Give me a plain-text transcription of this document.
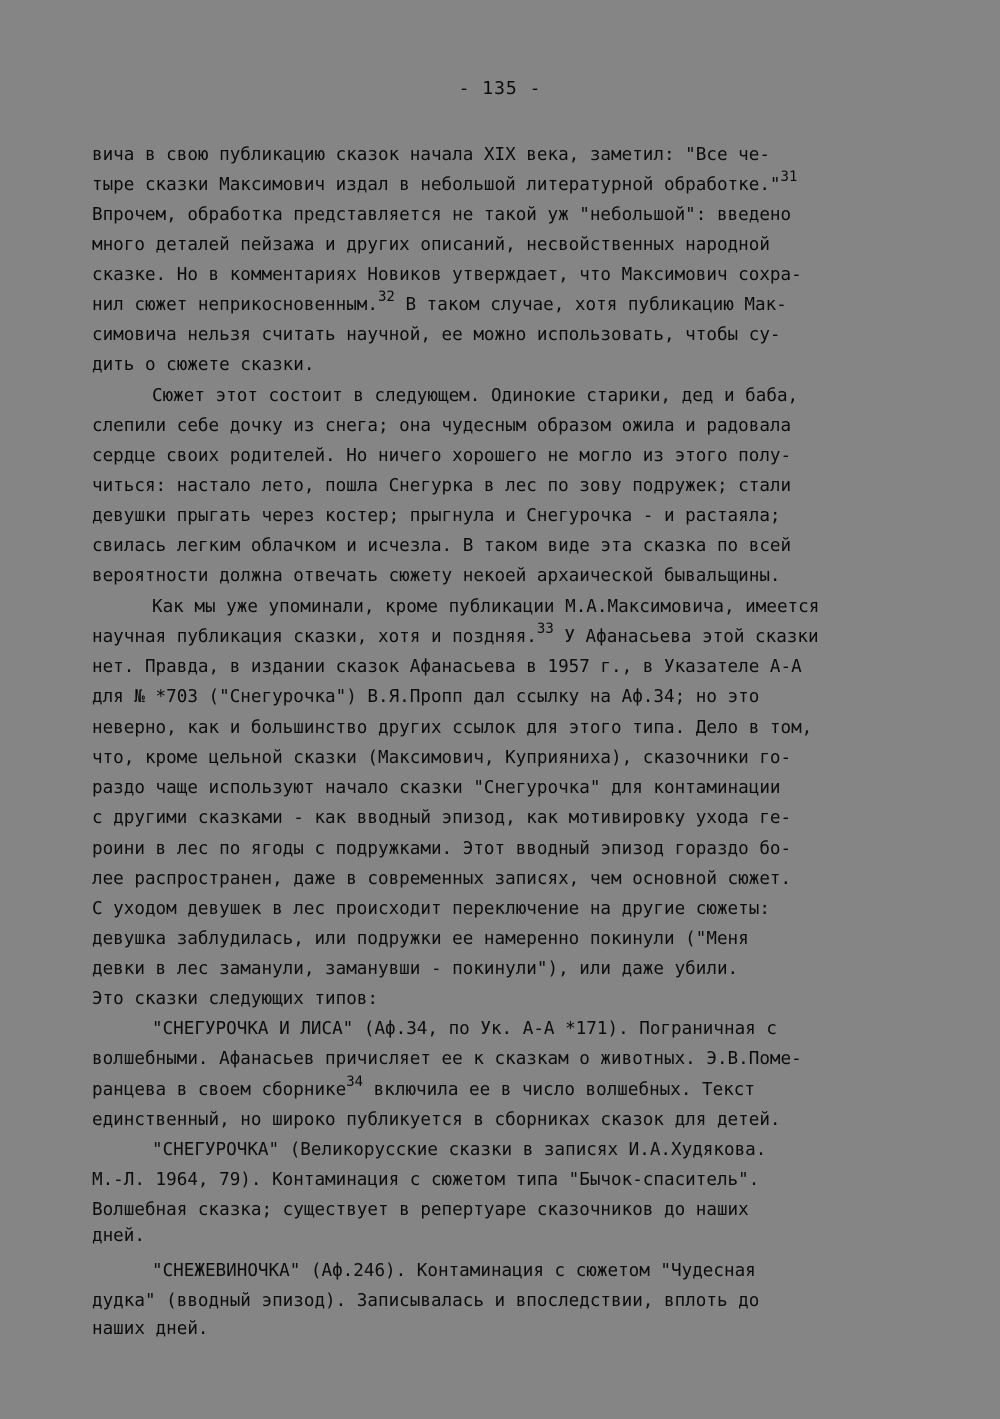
- 135 -
вича в свою публикацию сказок начала XIX века, заметил: "Все че-
тыре сказки Максимович издал в небольшой литературной обработке."$^{31}$
Впрочем, обработка представляется не такой уж "небольшой": введено
много деталей пейзажа и других описаний, несвойственных народной
сказке. Но в комментариях Новиков утверждает, что Максимович сохра-
нил сюжет неприкосновенным.$^{32}$ В таком случае, хотя публикацию Мак-
симовича нельзя считать научной, ее можно использовать, чтобы су-
дить о сюжете сказки.
Сюжет этот состоит в следующем. Одинокие старики, дед и баба,
слепили себе дочку из снега; она чудесным образом ожила и радовала
сердце своих родителей. Но ничего хорошего не могло из этого полу-
читься: настало лето, пошла Снегурка в лес по зову подружек; стали
девушки прыгать через костер; прыгнула и Снегурочка - и растаяла;
свилась легким облачком и исчезла. В таком виде эта сказка по всей
вероятности должна отвечать сюжету некоей архаической бывальщины.
Как мы уже упоминали, кроме публикации М.А.Максимовича, имеется
научная публикация сказки, хотя и поздняя.$^{33}$ У Афанасьева этой сказки
нет. Правда, в издании сказок Афанасьева в 1957 г., в Указателе А-А
для № *703 ("Снегурочка") В.Я.Пропп дал ссылку на Аф.34; но это
неверно, как и большинство других ссылок для этого типа. Дело в том,
что, кроме цельной сказки (Максимович, Куприяниха), сказочники го-
раздо чаще используют начало сказки "Снегурочка" для контаминации
с другими сказками - как вводный эпизод, как мотивировку ухода ге-
роини в лес по ягоды с подружками. Этот вводный эпизод гораздо бо-
лее распространен, даже в современных записях, чем основной сюжет.
С уходом девушек в лес происходит переключение на другие сюжеты:
девушка заблудилась, или подружки ее намеренно покинули ("Меня
девки в лес заманули, заманувши - покинули"), или даже убили.
Это сказки следующих типов:
"СНЕГУРОЧКА И ЛИСА" (Аф.34, по Ук. А-А *171). Пограничная с
волшебными. Афанасьев причисляет ее к сказкам о животных. Э.В.Поме-
ранцева в своем сборнике$^{34}$ включила ее в число волшебных. Текст
единственный, но широко публикуется в сборниках сказок для детей.
"СНЕГУРОЧКА" (Великорусские сказки в записях И.А.Худякова.
М.-Л. 1964, 79). Контаминация с сюжетом типа "Бычок-спаситель".
Волшебная сказка; существует в репертуаре сказочников до наших
дней.
"СНЕЖЕВИНОЧКА" (Аф.246). Контаминация с сюжетом "Чудесная
дудка" (вводный эпизод). Записывалась и впоследствии, вплоть до
наших дней.
